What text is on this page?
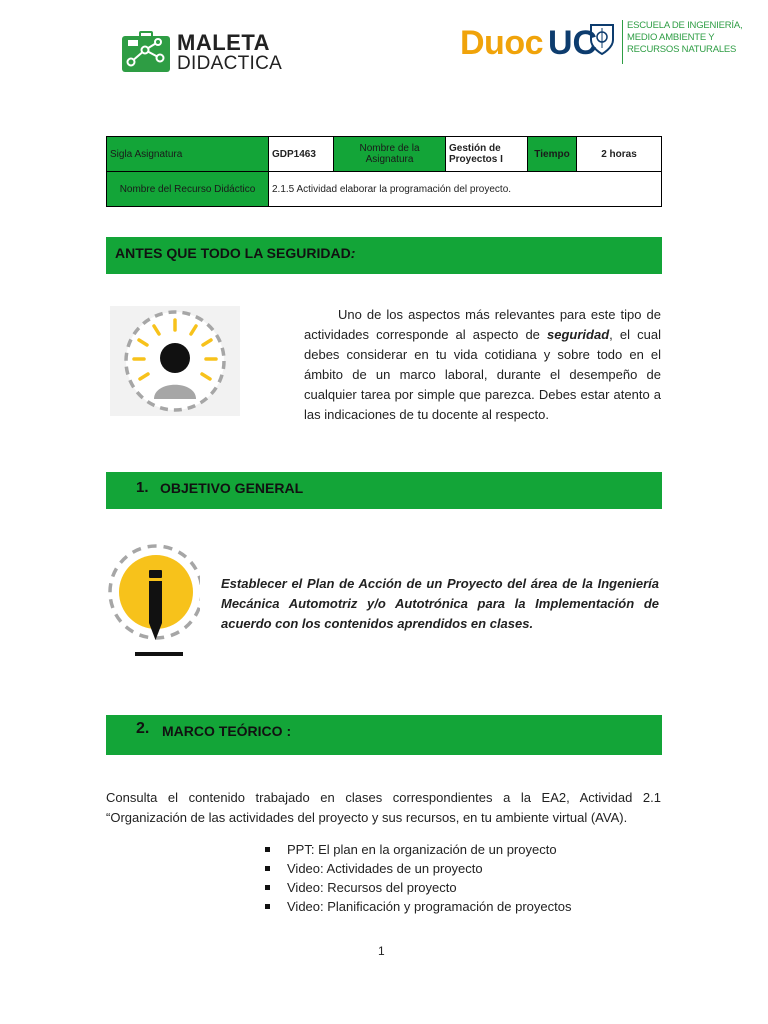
MALETA
DIDACTICA
Duoc UC	ESCUELA DE INGENIERÍA,
MEDIO AMBIENTE Y
RECURSOS NATURALES
Sigla Asignatura	GDP1463	Nombre de la Asignatura	Gestión de Proyectos I	Tiempo	2 horas
Nombre del Recurso Didáctico	2.1.5 Actividad elaborar la programación del proyecto.				
ANTES QUE TODO LA SEGURIDAD:

Uno de los aspectos más relevantes para este tipo de actividades corresponde al aspecto de seguridad, el cual debes considerar en tu vida cotidiana y sobre todo en el ámbito de un marco laboral, durante el desempeño de cualquier tarea por simple que parezca. Debes estar atento a las indicaciones de tu docente al respecto.

1. OBJETIVO GENERAL

Establecer el Plan de Acción de un Proyecto del área de la Ingeniería Mecánica Automotriz y/o Autotrónica para la Implementación de acuerdo con los contenidos aprendidos en clases.

2. MARCO TEÓRICO :

Consulta el contenido trabajado en clases correspondientes a la EA2, Actividad 2.1 “Organización de las actividades del proyecto y sus recursos, en tu ambiente virtual (AVA).

PPT: El plan en la organización de un proyecto
Video: Actividades de un proyecto
Video: Recursos del proyecto
Video: Planificación y programación de proyectos
1
